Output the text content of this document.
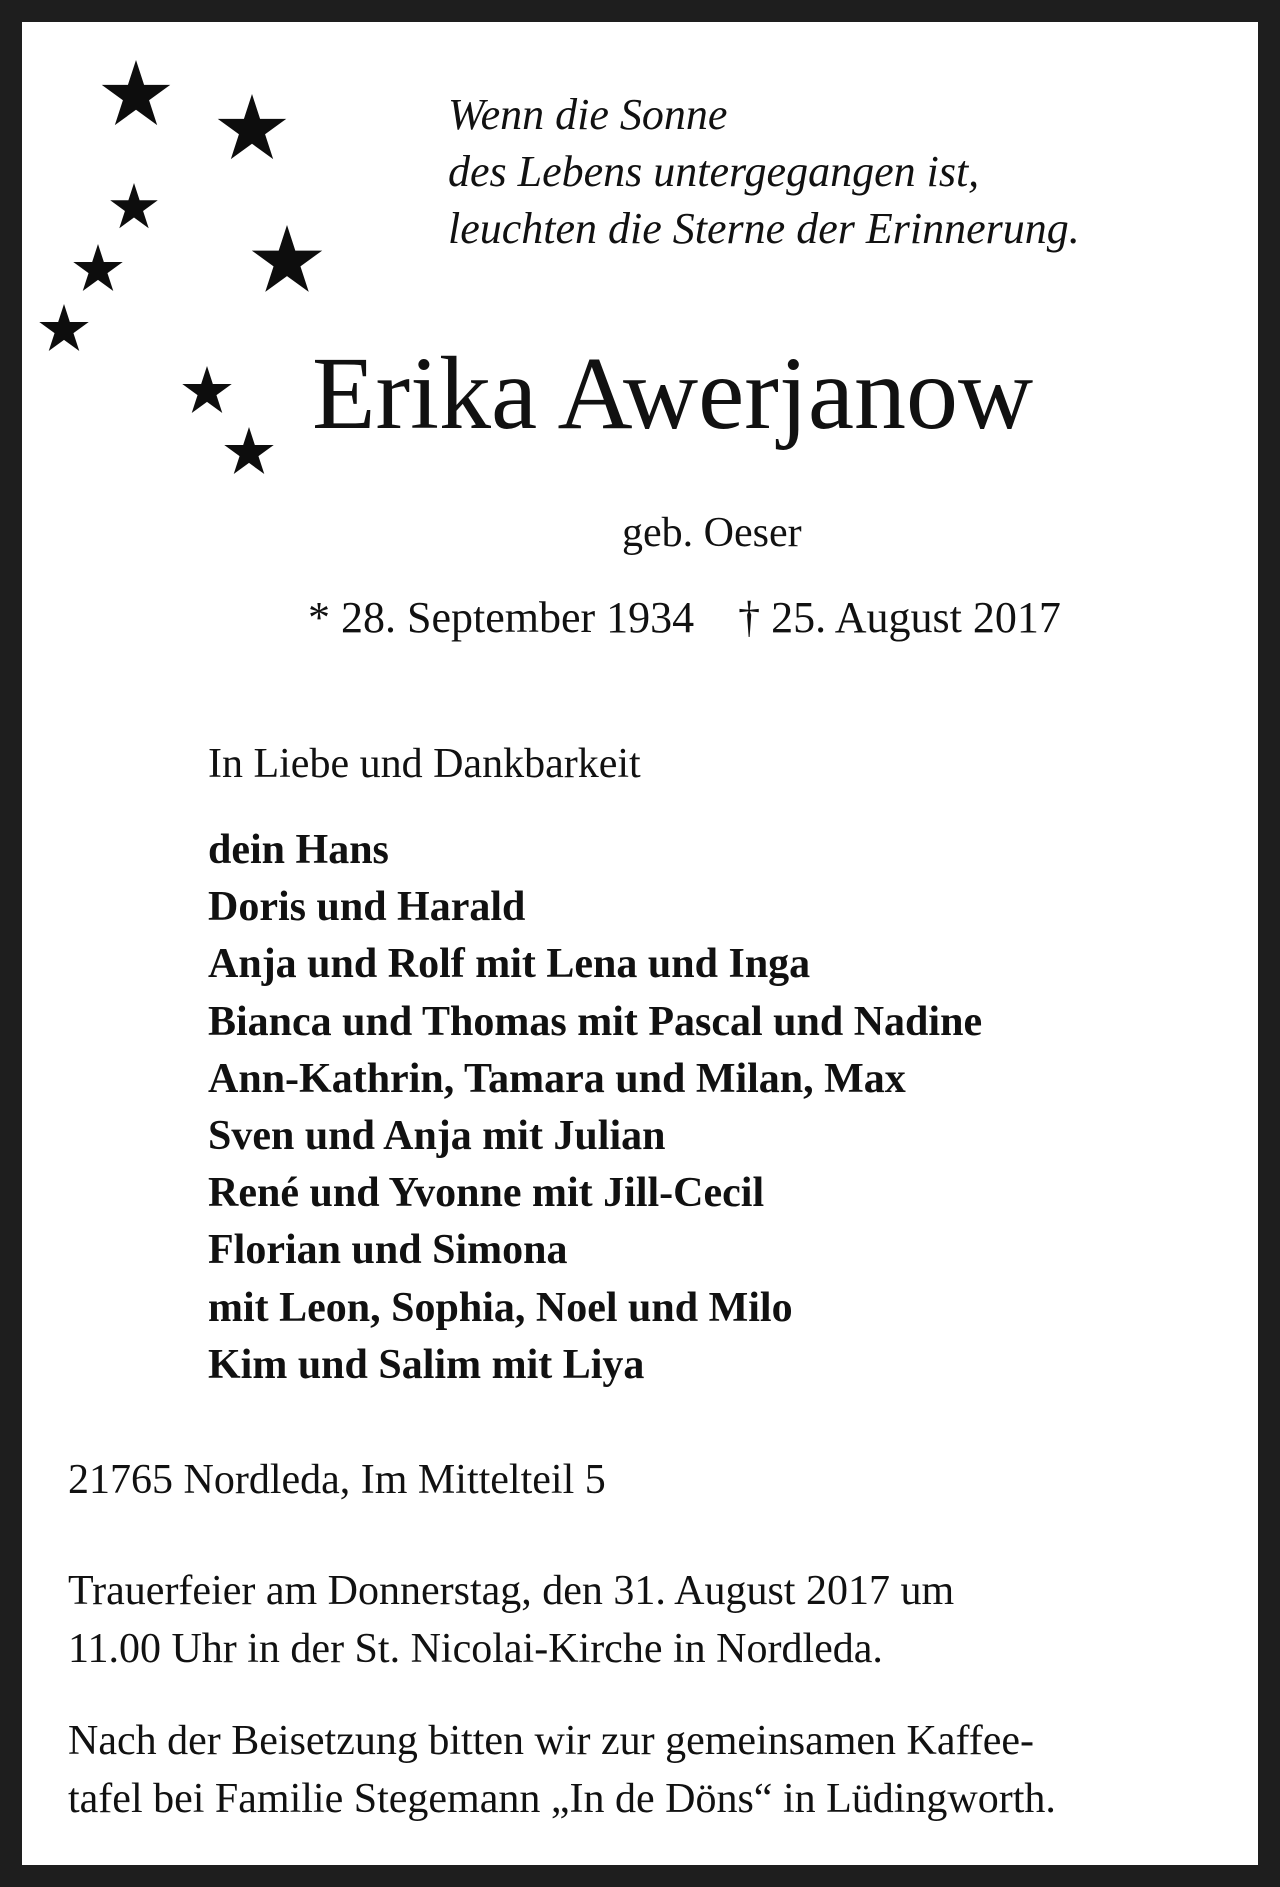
Wenn die Sonne
des Lebens untergegangen ist,
leuchten die Sterne der Erinnerung.

Erika Awerjanow
geb. Oeser
* 28. September 1934 † 25. August 2017
In Liebe und Dankbarkeit
dein Hans
Doris und Harald
Anja und Rolf mit Lena und Inga
Bianca und Thomas mit Pascal und Nadine
Ann-Kathrin, Tamara und Milan, Max
Sven und Anja mit Julian
René und Yvonne mit Jill-Cecil
Florian und Simona
mit Leon, Sophia, Noel und Milo
Kim und Salim mit Liya
21765 Nordleda, Im Mittelteil 5

Trauerfeier am Donnerstag, den 31. August 2017 um
11.00 Uhr in der St. Nicolai-Kirche in Nordleda.

Nach der Beisetzung bitten wir zur gemeinsamen Kaffee-
tafel bei Familie Stegemann „In de Döns“ in Lüdingworth.
